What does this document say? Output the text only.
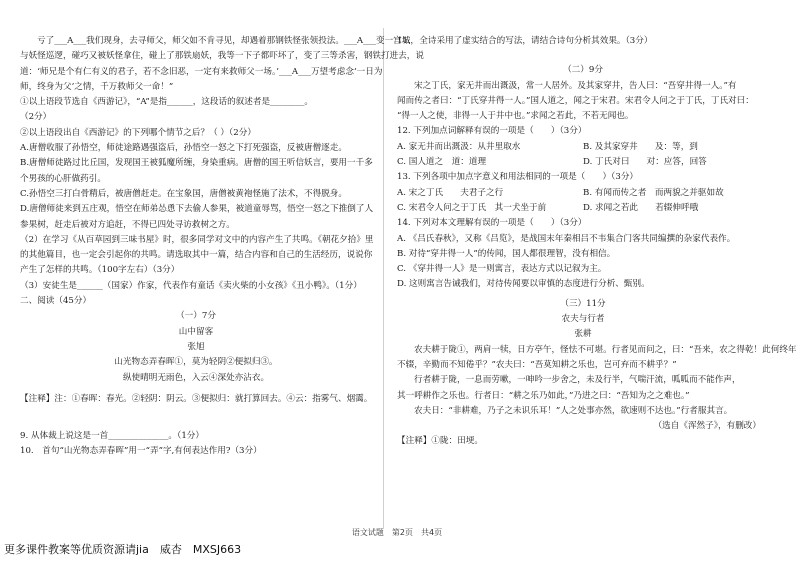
亏了___A___我们现身，去寻师父，师父如不肯寻见，却遇着那钢铁怪张领投法。___A___变一宫城，
与妖怪巡逻，碰巧又被妖怪拿住，碰上了那铁扇妖，我等一下子都吓坏了，变了三等杀害，钢铁打进去，说
道：‘师兄是个有仁有义的君子，若不念旧恶，一定有来救师父一场。’___A___万望考虑念‘一日为
师，终身为父’之情，千万救师父一命！”
①以上语段节选自《西游记》，“A”是指______，这段话的叙述者是________。
（2分）
②以上语段出自《西游记》的下列哪个情节之后？（ ）（2分）
A.唐僧收服了孙悟空，师徒途路遇强盗后，孙悟空一怒之下打死强盗，反被唐僧逐走。
B.唐僧师徒路过比丘国，发现国王被狐魔所缠，身染重病。唐僧的国王听信妖言，要用一千多
个男孩的心肝做药引。
C.孙悟空三打白骨精后，被唐僧赶走。在宝象国，唐僧被黄袍怪施了法术，不得脱身。
D.唐僧师徒来到五庄观，悟空在师弟怂恿下去偷人参果，被道童辱骂，悟空一怒之下推倒了人
参果树，赶走后被对方追赶，不得已四处寻访救树之方。
（2）在学习《从百草园到三味书屋》时，很多同学对文中的内容产生了共鸣。《朝花夕拾》里
的其他篇目，也一定会引起你的共鸣。请选取其中一篇，结合内容和自己的生活经历，说说你
产生了怎样的共鸣。（100字左右）（3分）
（3）安徒生是______（国家）作家，代表作有童话《卖火柴的小女孩》《丑小鸭》。（1分）
二、阅读（45分）
（一）7分
山中留客
张旭
山光物态弄春晖①，莫为轻阴②便拟归③。
纵使晴明无雨色，入云④深处亦沾衣。
【注释】注：①春晖：春光。②轻阴：阴云。③便拟归：就打算回去。④云：指雾气、烟霭。
9. 从体裁上说这是一首______________。（1分）
10.　首句“山光物态弄春晖”用一“弄”字,有何表达作用?（3分）
11.　全诗采用了虚实结合的写法，请结合诗句分析其效果。（3分）
（二）9分
宋之丁氏，家无井而出溉汲，常一人居外。及其家穿井，告人曰：“吾穿井得一人。”有
闻而传之者曰：“丁氏穿井得一人。”国人道之，闻之于宋君。宋君令人问之于丁氏，丁氏对曰：
“得一人之使，非得一人于井中也。”求闻之若此，不若无闻也。
12. 下列加点词解释有误的一项是（　　）（3分）
A. 家无井而出溉汲：从井里取水	B. 及其家穿井　　及：等，到
C. 国人道之　道：道理	D. 丁氏对曰　　对：应答，回答
13. 下列各项中加点字意义和用法相同的一项是（　　）（3分）
A. 宋之丁氏　　夫君子之行	B. 有闻而传之者　而两貌之并驱如故
C. 宋君令人问之于丁氏　其一犬坐于前	D. 求闻之若此　　若辍伸呼哦
14. 下列对本文理解有误的一项是（　　）（3分）
A. 《吕氏春秋》，又称《吕览》，是战国末年秦相吕不韦集合门客共同编撰的杂家代表作。
B. 对待“穿井得一人”的传闻，国人都很理智，没有相信。
C. 《穿井得一人》是一则寓言，表达方式以记叙为主。
D. 这则寓言告诫我们，对待传闻要以审慎的态度进行分析、甄别。
（三）11分
农夫与行者
张耕
农夫耕于陇①，两肩一犊，日方亭午，怪怯不可堪。行者见而问之，曰：“吾来，农之得乾！此何终年
不辍，辛勤而不知倦乎？”农夫曰：“吾莫知耕之乐也，岂可弃而不耕乎？”
行者耕于陇，一息而劳嗽，一呻吟一步舍之，未及行半，气喘汗流，呱呱而不能作声，
其一呼耕作之乐也。行者日：“耕之乐乃如此，”乃进之曰：“吾知为之之难也。”
农夫日：“非耕难，乃子之未识乐耳！”人之处事亦然，欲速则不达也。”行者服其言。
（选自《浑然子》，有删改）
【注释】①陇：田埂。
语文试题　第2页　共4页
更多课件教案等优质资源请jia　威杏　MXSJ663
